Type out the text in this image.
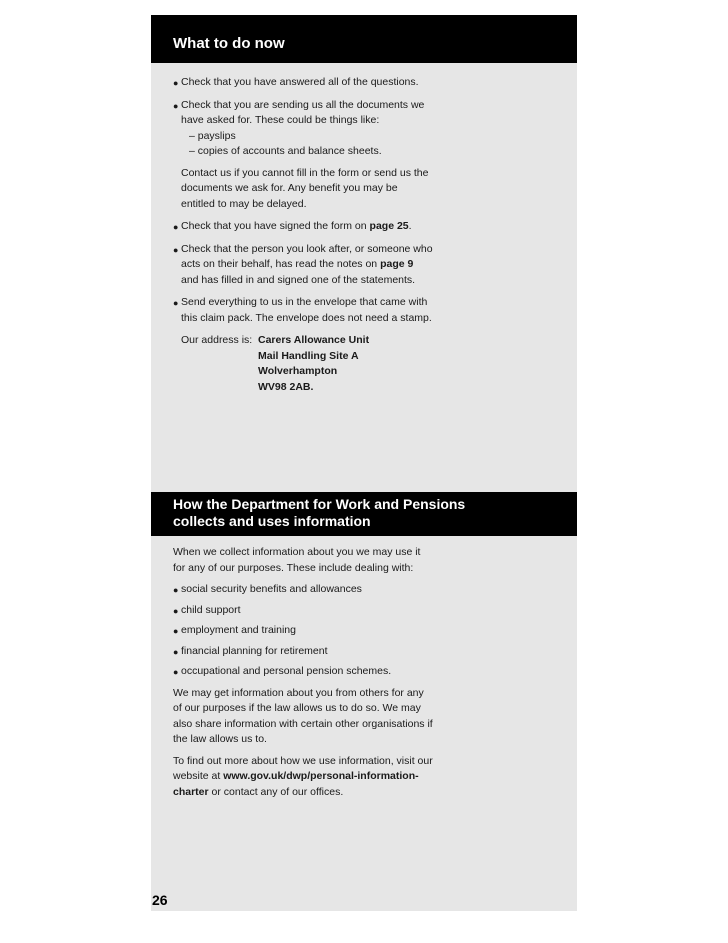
What to do now
● Check that you have answered all of the questions.
● Check that you are sending us all the documents we have asked for. These could be things like:
– payslips
– copies of accounts and balance sheets.
Contact us if you cannot fill in the form or send us the documents we ask for. Any benefit you may be entitled to may be delayed.
● Check that you have signed the form on page 25.
● Check that the person you look after, or someone who acts on their behalf, has read the notes on page 9 and has filled in and signed one of the statements.
● Send everything to us in the envelope that came with this claim pack. The envelope does not need a stamp.
Our address is: Carers Allowance Unit
Mail Handling Site A
Wolverhampton
WV98 2AB.
How the Department for Work and Pensions collects and uses information

When we collect information about you we may use it for any of our purposes. These include dealing with:

● social security benefits and allowances
● child support
● employment and training
● financial planning for retirement
● occupational and personal pension schemes.

We may get information about you from others for any of our purposes if the law allows us to do so. We may also share information with certain other organisations if the law allows us to.

To find out more about how we use information, visit our website at www.gov.uk/dwp/personal-information-charter or contact any of our offices.

26
